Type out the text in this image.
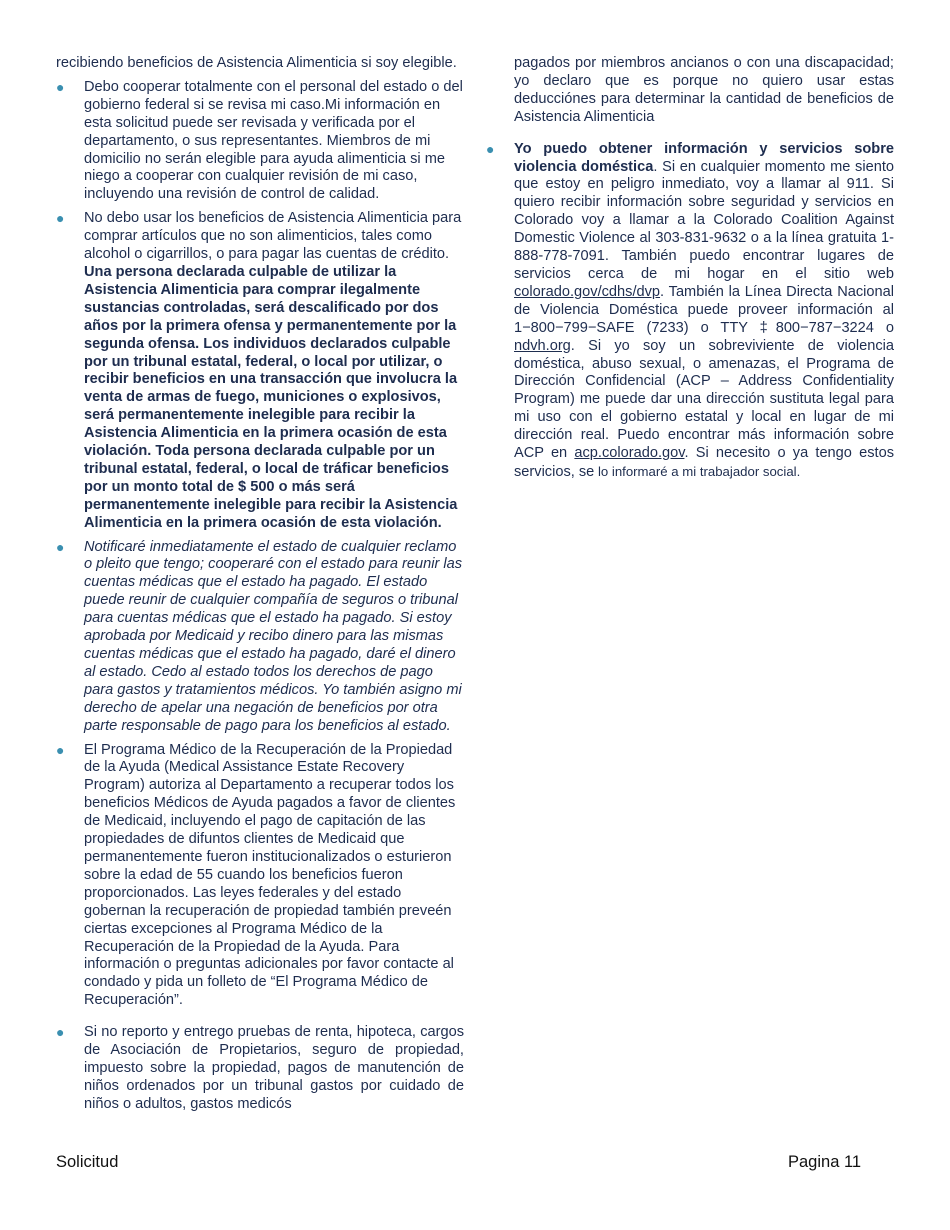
recibiendo beneficios de Asistencia Alimenticia si soy elegible.

● Debo cooperar totalmente con el personal del estado o del gobierno federal si se revisa mi caso.Mi información en esta solicitud puede ser revisada y verificada por el departamento, o sus representantes. Miembros de mi domicilio no serán elegible para ayuda alimenticia si me niego a cooperar con cualquier revisión de mi caso, incluyendo una revisión de control de calidad.
● No debo usar los beneficios de Asistencia Alimenticia para comprar artículos que no son alimenticios, tales como alcohol o cigarrillos, o para pagar las cuentas de crédito. Una persona declarada culpable de utilizar la Asistencia Alimenticia para comprar ilegalmente sustancias controladas, será descalificado por dos años por la primera ofensa y permanentemente por la segunda ofensa. Los individuos declarados culpable por un tribunal estatal, federal, o local por utilizar, o recibir beneficios en una transacción que involucra la venta de armas de fuego, municiones o explosivos, será permanentemente inelegible para recibir la Asistencia Alimenticia en la primera ocasión de esta violación. Toda persona declarada culpable por un tribunal estatal, federal, o local de tráficar beneficios por un monto total de $ 500 o más será permanentemente inelegible para recibir la Asistencia Alimenticia en la primera ocasión de esta violación.
● Notificaré inmediatamente el estado de cualquier reclamo o pleito que tengo; cooperaré con el estado para reunir las cuentas médicas que el estado ha pagado. El estado puede reunir de cualquier compañía de seguros o tribunal para cuentas médicas que el estado ha pagado. Si estoy aprobada por Medicaid y recibo dinero para las mismas cuentas médicas que el estado ha pagado, daré el dinero al estado. Cedo al estado todos los derechos de pago para gastos y tratamientos médicos. Yo también asigno mi derecho de apelar una negación de beneficios por otra parte responsable de pago para los beneficios al estado.
● El Programa Médico de la Recuperación de la Propiedad de la Ayuda (Medical Assistance Estate Recovery Program) autoriza al Departamento a recuperar todos los beneficios Médicos de Ayuda pagados a favor de clientes de Medicaid, incluyendo el pago de capitación de las propiedades de difuntos clientes de Medicaid que permanentemente fueron institucionalizados o esturieron sobre la edad de 55 cuando los beneficios fueron proporcionados. Las leyes federales y del estado gobernan la recuperación de propiedad también preveén ciertas excepciones al Programa Médico de la Recuperación de la Propiedad de la Ayuda. Para información o preguntas adicionales por favor contacte al condado y pida un folleto de “El Programa Médico de Recuperación”.
● Si no reporto y entrego pruebas de renta, hipoteca, cargos de Asociación de Propietarios, seguro de propiedad, impuesto sobre la propiedad, pagos de manutención de niños ordenados por un tribunal gastos por cuidado de niños o adultos, gastos medicós

pagados por miembros ancianos o con una discapacidad; yo declaro que es porque no quiero usar estas deducciónes para determinar la cantidad de beneficios de Asistencia Alimenticia

● Yo puedo obtener información y servicios sobre violencia doméstica. Si en cualquier momento me siento que estoy en peligro inmediato, voy a llamar al 911. Si quiero recibir información sobre seguridad y servicios en Colorado voy a llamar a la Colorado Coalition Against Domestic Violence al 303-831-9632 o a la línea gratuita 1-888-778-7091. También puedo encontrar lugares de servicios cerca de mi hogar en el sitio web colorado.gov/cdhs/dvp. También la Línea Directa Nacional de Violencia Doméstica puede proveer información al 1−800−799−SAFE (7233) o TTY ‡800−787−3224 o ndvh.org. Si yo soy un sobreviviente de violencia doméstica, abuso sexual, o amenazas, el Programa de Dirección Confidencial (ACP – Address Confidentiality Program) me puede dar una dirección sustituta legal para mi uso con el gobierno estatal y local en lugar de mi dirección real. Puedo encontrar más información sobre ACP en acp.colorado.gov. Si necesito o ya tengo estos servicios, se lo informaré a mi trabajador social.
Solicitud	Pagina 11
